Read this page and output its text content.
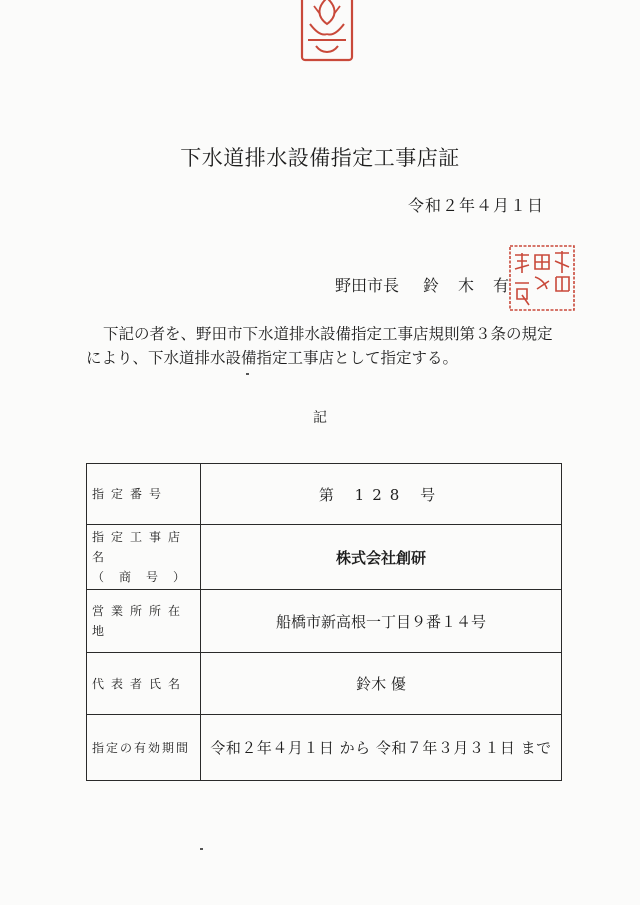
下水道排水設備指定工事店証
令和２年４月１日
野田市長 鈴木有
下記の者を、野田市下水道排水設備指定工事店規則第３条の規定により、下水道排水設備指定工事店として指定する。
記
指定番号	第 128 号

指定工事店名
（商号）	株式会社創研
営業所所在地	船橋市新高根一丁目９番１４号
代表者氏名	鈴木 優
指定の有効期間	令和２年４月１日 から 令和７年３月３１日 まで
